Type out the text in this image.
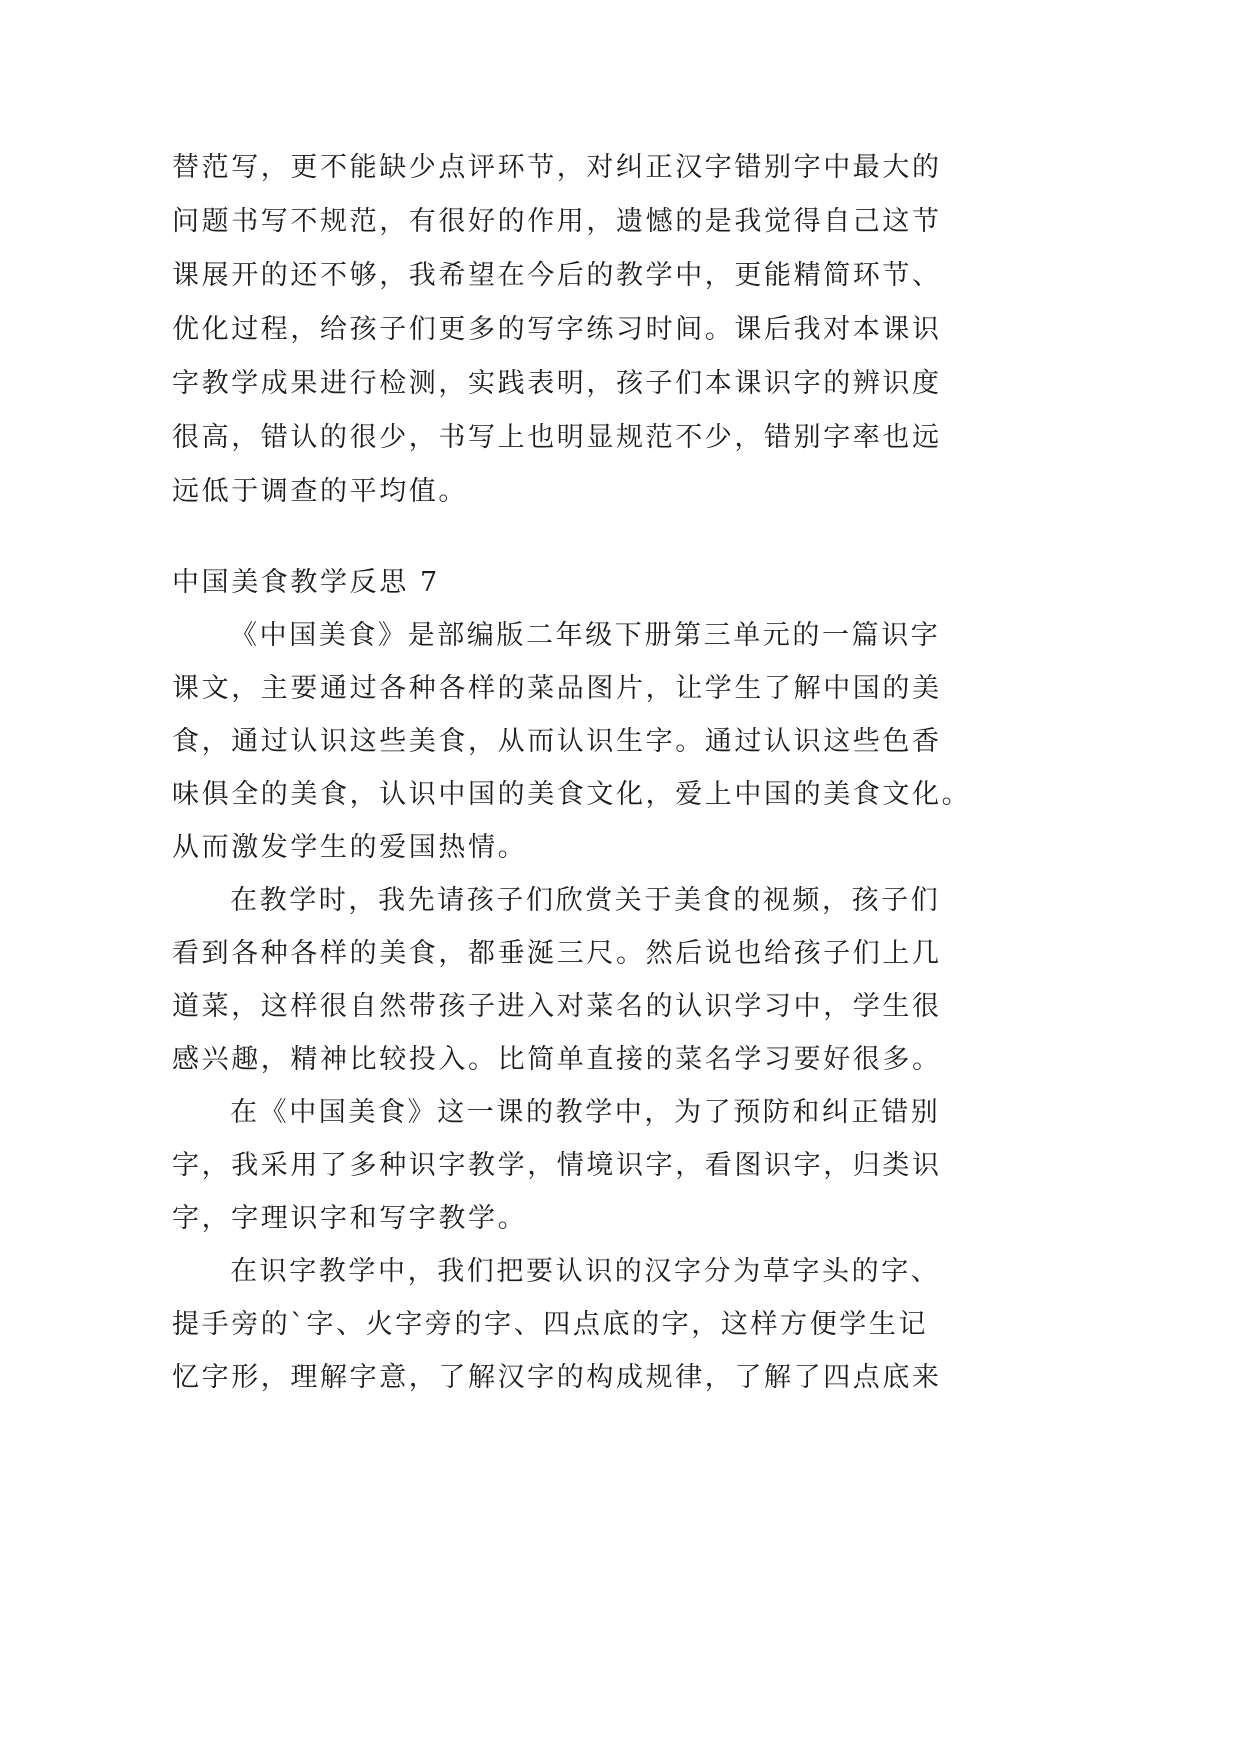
替范写，更不能缺少点评环节，对纠正汉字错别字中最大的
问题书写不规范，有很好的作用，遗憾的是我觉得自己这节
课展开的还不够，我希望在今后的教学中，更能精简环节、
优化过程，给孩子们更多的写字练习时间。课后我对本课识
字教学成果进行检测，实践表明，孩子们本课识字的辨识度
很高，错认的很少，书写上也明显规范不少，错别字率也远
远低于调查的平均值。
中国美食教学反思 7
《中国美食》是部编版二年级下册第三单元的一篇识字
课文，主要通过各种各样的菜品图片，让学生了解中国的美
食，通过认识这些美食，从而认识生字。通过认识这些色香
味俱全的美食，认识中国的美食文化，爱上中国的美食文化。
从而激发学生的爱国热情。
在教学时，我先请孩子们欣赏关于美食的视频，孩子们
看到各种各样的美食，都垂涎三尺。然后说也给孩子们上几
道菜，这样很自然带孩子进入对菜名的认识学习中，学生很
感兴趣，精神比较投入。比简单直接的菜名学习要好很多。
在《中国美食》这一课的教学中，为了预防和纠正错别
字，我采用了多种识字教学，情境识字，看图识字，归类识
字，字理识字和写字教学。
在识字教学中，我们把要认识的汉字分为草字头的字、
提手旁的`字、火字旁的字、四点底的字，这样方便学生记
忆字形，理解字意，了解汉字的构成规律，了解了四点底来
